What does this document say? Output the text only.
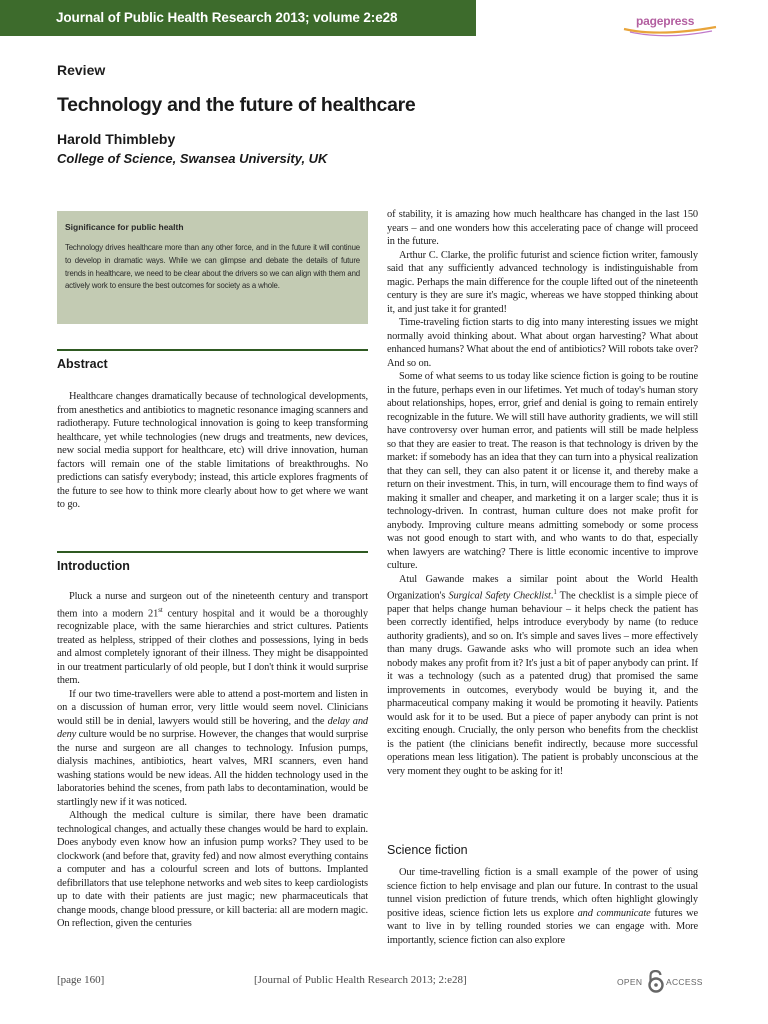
Journal of Public Health Research 2013; volume 2:e28	pagepress
Review
Technology and the future of healthcare
Harold Thimbleby
College of Science, Swansea University, UK
Significance for public health
Technology drives healthcare more than any other force, and in the future it will continue to develop in dramatic ways. While we can glimpse and debate the details of future trends in healthcare, we need to be clear about the drivers so we can align with them and actively work to ensure the best outcomes for society as a whole.
Abstract

Healthcare changes dramatically because of technological developments, from anesthetics and antibiotics to magnetic resonance imaging scanners and radiotherapy. Future technological innovation is going to keep transforming healthcare, yet while technologies (new drugs and treatments, new devices, new social media support for healthcare, etc) will drive innovation, human factors will remain one of the stable limitations of breakthroughs. No predictions can satisfy everybody; instead, this article explores fragments of the future to see how to think more clearly about how to get where we want to go.

Introduction

Pluck a nurse and surgeon out of the nineteenth century and transport them into a modern 21st century hospital and it would be a thoroughly recognizable place, with the same hierarchies and strict cultures. Patients treated as helpless, stripped of their clothes and possessions, lying in beds and almost completely ignorant of their illness. They might be disappointed in our treatment particularly of old people, but I don't think it would surprise them.

If our two time-travellers were able to attend a post-mortem and listen in on a discussion of human error, very little would seem novel. Clinicians would still be in denial, lawyers would still be hovering, and the delay and deny culture would be no surprise. However, the changes that would surprise the nurse and surgeon are all changes to technology. Infusion pumps, dialysis machines, antibiotics, heart valves, MRI scanners, even hand washing stations would be new ideas. All the hidden technology used in the laboratories behind the scenes, from path labs to decontamination, would be startlingly new if it was noticed.

Although the medical culture is similar, there have been dramatic technological changes, and actually these changes would be hard to explain. Does anybody even know how an infusion pump works? They used to be clockwork (and before that, gravity fed) and now almost everything contains a computer and has a colourful screen and lots of buttons. Implanted defibrillators that use telephone networks and web sites to keep cardiologists up to date with their patients are just magic; new pharmaceuticals that change moods, change blood pressure, or kill bacteria: all are modern magic. On reflection, given the centuries

of stability, it is amazing how much healthcare has changed in the last 150 years – and one wonders how this accelerating pace of change will proceed in the future.

Arthur C. Clarke, the prolific futurist and science fiction writer, famously said that any sufficiently advanced technology is indistinguishable from magic. Perhaps the main difference for the couple lifted out of the nineteenth century is they are sure it's magic, whereas we have stopped thinking about it, and just take it for granted!

Time-traveling fiction starts to dig into many interesting issues we might normally avoid thinking about. What about organ harvesting? What about enhanced humans? What about the end of antibiotics? Will robots take over? And so on.

Some of what seems to us today like science fiction is going to be routine in the future, perhaps even in our lifetimes. Yet much of today's human story about relationships, hopes, error, grief and denial is going to remain entirely recognizable in the future. We will still have authority gradients, we will still have controversy over human error, and patients will still be made helpless so that they are easier to treat. The reason is that technology is driven by the market: if somebody has an idea that they can turn into a physical realization that they can sell, they can also patent it or license it, and thereby make a return on their investment. This, in turn, will encourage them to find ways of making it smaller and cheaper, and marketing it on a larger scale; thus it is technology-driven. In contrast, human culture does not make profit for anybody. Improving culture means admitting somebody or some process was not good enough to start with, and who wants to do that, especially when lawyers are watching? There is little economic incentive to improve culture.

Atul Gawande makes a similar point about the World Health Organization's Surgical Safety Checklist.$^1$ The checklist is a simple piece of paper that helps change human behaviour – it helps check the patient has been correctly identified, helps introduce everybody by name (to reduce authority gradients), and so on. It's simple and saves lives – more effectively than many drugs. Gawande asks who will promote such an idea when nobody makes any profit from it? It's just a bit of paper anybody can print. If it was a technology (such as a patented drug) that promised the same improvements in outcomes, everybody would be buying it, and the pharmaceutical company making it would be promoting it heavily. Patients would ask for it to be used. But a piece of paper anybody can print is not exciting enough. Crucially, the only person who benefits from the checklist is the patient (the clinicians benefit indirectly, because more successful operations mean less litigation). The patient is probably unconscious at the very moment they ought to be asking for it!

Science fiction

Our time-travelling fiction is a small example of the power of using science fiction to help envisage and plan our future. In contrast to the usual tunnel vision prediction of future trends, which often highlight glowingly positive ideas, science fiction lets us explore and communicate futures we want to live in by telling rounded stories we can engage with. More importantly, science fiction can also explore

[page 160]	[Journal of Public Health Research 2013; 2:e28]	OPEN	ACCESS
